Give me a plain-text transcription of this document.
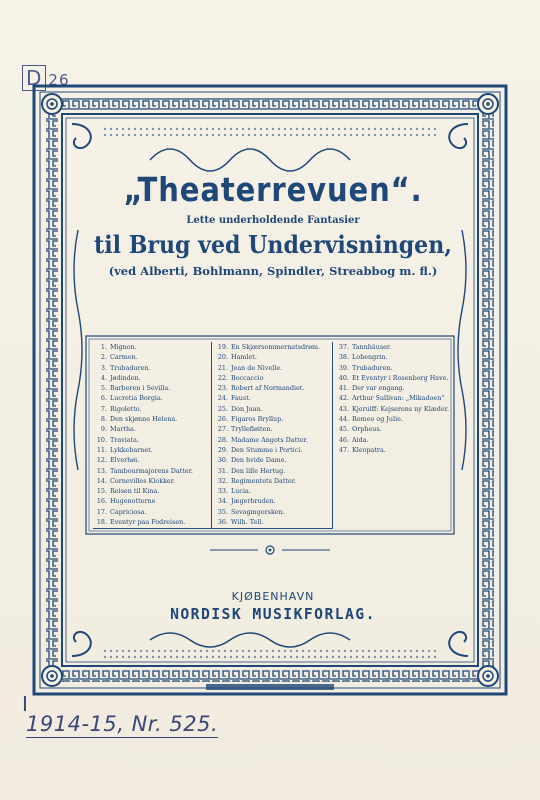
D 26
„Theaterrevuen“.
Lette underholdende Fantasier
til Brug ved Undervisningen,
(ved Alberti, Bohlmann, Spindler, Streabbog m. fl.)
1. Mignon.
2. Carmen.
3. Trubaduren.
4. Jødinden.
5. Barberen i Sevilla.
6. Lucretia Borgia.
7. Rigoletto.
8. Den skjønne Helena.
9. Martha.
10. Traviata.
11. Lykkebarnet.
12. Elverhøi.
13. Tambourmajorens Datter.
14. Cornevilles Klokker.
15. Reisen til Kina.
16. Hugenotterne
17. Capriciosa.
18. Eventyr paa Fodreisen.
19. En Skjærsommernatsdrøm.
20. Hamlet.
21. Jean de Nivelle.
22. Boccaccio
23. Robert af Normandiet.
24. Faust.
25. Don Juan.
26. Figaros Bryllup.
27. Tryllefløiten.
28. Madame Angots Datter.
29. Den Stumme i Portici.
30. Den hvide Dame.
31. Den lille Hertug.
32. Regimentets Datter.
33. Lucia.
34. Jægerbruden.
35. Sevagmgersken.
36. Wilh. Tell.
37. Tannhäuser.
38. Lohengrin.
39. Trubaduren.
40. Et Eventyr i Rosenborg Have.
41. Der var engang.
42. Arthur Sullivan: „Mikadoen“
43. Kjerulff: Kejserens ny Klæder.
44. Romeo og Julie.
45. Orpheus.
46. Aida.
47. Kleopatra.
KJØBENHAVN
NORDISK MUSIKFORLAG.
I
1914-15, Nr. 525.
